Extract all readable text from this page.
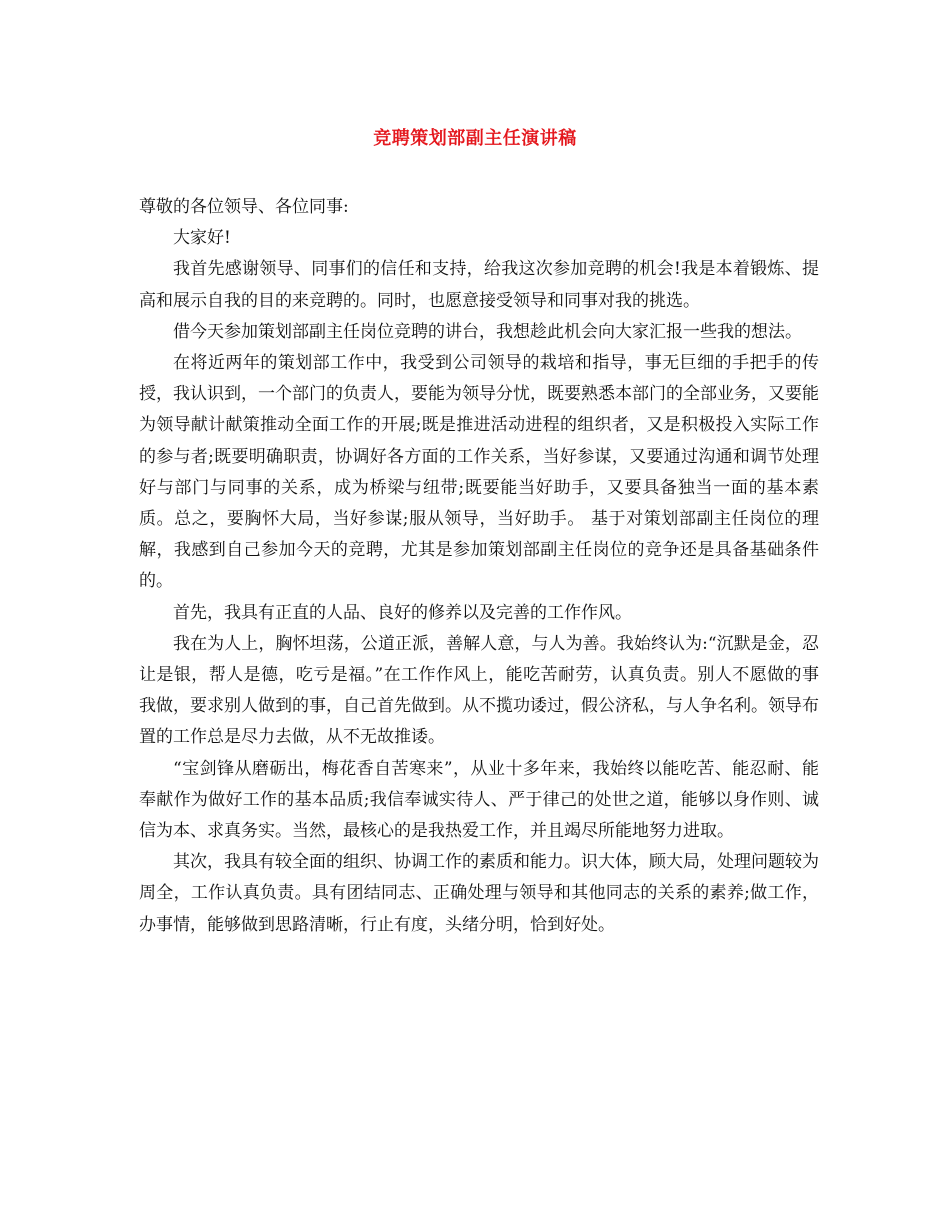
竞聘策划部副主任演讲稿

尊敬的各位领导、各位同事:

大家好!

我首先感谢领导、同事们的信任和支持，给我这次参加竞聘的机会!我是本着锻炼、提高和展示自我的目的来竞聘的。同时，也愿意接受领导和同事对我的挑选。

借今天参加策划部副主任岗位竞聘的讲台，我想趁此机会向大家汇报一些我的想法。

在将近两年的策划部工作中，我受到公司领导的栽培和指导，事无巨细的手把手的传授，我认识到，一个部门的负责人，要能为领导分忧，既要熟悉本部门的全部业务，又要能为领导献计献策推动全面工作的开展;既是推进活动进程的组织者，又是积极投入实际工作的参与者;既要明确职责，协调好各方面的工作关系，当好参谋，又要通过沟通和调节处理好与部门与同事的关系，成为桥梁与纽带;既要能当好助手，又要具备独当一面的基本素质。总之，要胸怀大局，当好参谋;服从领导，当好助手。 基于对策划部副主任岗位的理解，我感到自己参加今天的竞聘，尤其是参加策划部副主任岗位的竞争还是具备基础条件的。

首先，我具有正直的人品、良好的修养以及完善的工作作风。

我在为人上，胸怀坦荡，公道正派，善解人意，与人为善。我始终认为:“沉默是金，忍让是银，帮人是德，吃亏是福。”在工作作风上，能吃苦耐劳，认真负责。别人不愿做的事我做，要求别人做到的事，自己首先做到。从不揽功诿过，假公济私，与人争名利。领导布置的工作总是尽力去做，从不无故推诿。

“宝剑锋从磨砺出，梅花香自苦寒来”，从业十多年来，我始终以能吃苦、能忍耐、能奉献作为做好工作的基本品质;我信奉诚实待人、严于律己的处世之道，能够以身作则、诚信为本、求真务实。当然，最核心的是我热爱工作，并且竭尽所能地努力进取。

其次，我具有较全面的组织、协调工作的素质和能力。识大体，顾大局，处理问题较为周全，工作认真负责。具有团结同志、正确处理与领导和其他同志的关系的素养;做工作，办事情，能够做到思路清晰，行止有度，头绪分明，恰到好处。
